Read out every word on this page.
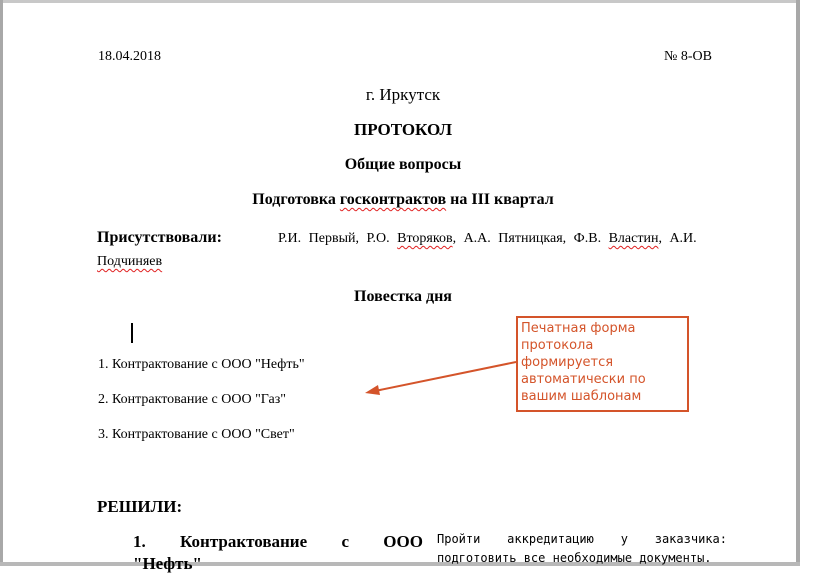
18.04.2018	№ 8-ОВ
г. Иркутск
ПРОТОКОЛ
Общие вопросы
Подготовка госконтрактов на III квартал
Присутствовали:	Р.И. Первый, Р.О. Вторяков, А.А. Пятницкая, Ф.В. Властин, А.И.
Подчиняев
Повестка дня
1. Контрактование с ООО "Нефть"
2. Контрактование с ООО "Газ"
3. Контрактование с ООО "Свет"
Печатная форма
протокола
формируется
автоматически по
вашим шаблонам
РЕШИЛИ:
1. Контрактование с ООО
"Нефть"
Пройти аккредитацию у заказчика:
подготовить все необходимые документы.
